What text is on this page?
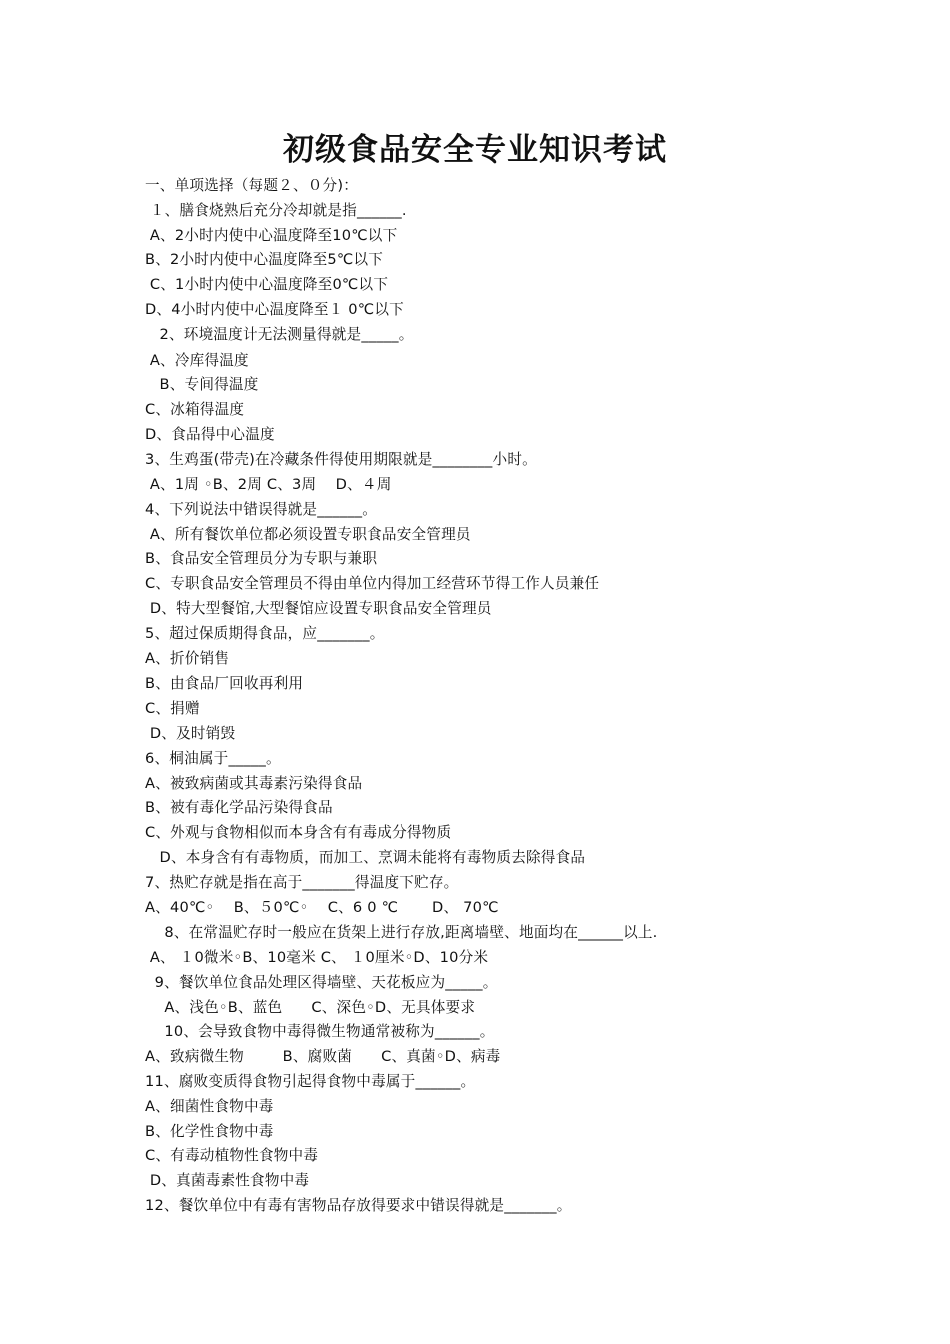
初级食品安全专业知识考试
一、单项选择（每题２、０分)：
１、膳食烧熟后充分冷却就是指______.
A、2小时内使中心温度降至10℃以下
B、2小时内使中心温度降至5℃以下
C、1小时内使中心温度降至0℃以下
D、4小时内使中心温度降至１ 0℃以下
2、环境温度计无法测量得就是_____。
A、冷库得温度
B、专间得温度
C、冰箱得温度
D、食品得中心温度
3、生鸡蛋(带壳)在冷藏条件得使用期限就是________小时。
A、1周 ◦B、2周 C、3周    D、４周
4、下列说法中错误得就是______。
A、所有餐饮单位都必须设置专职食品安全管理员
B、食品安全管理员分为专职与兼职
C、专职食品安全管理员不得由单位内得加工经营环节得工作人员兼任
D、特大型餐馆,大型餐馆应设置专职食品安全管理员
5、超过保质期得食品，应_______。
A、折价销售
B、由食品厂回收再利用
C、捐赠
D、及时销毁
6、桐油属于_____。
A、被致病菌或其毒素污染得食品
B、被有毒化学品污染得食品
C、外观与食物相似而本身含有有毒成分得物质
D、本身含有有毒物质，而加工、烹调未能将有毒物质去除得食品
7、热贮存就是指在高于_______得温度下贮存。
A、40℃◦    B、５0℃◦    C、6 0 ℃       D、 70℃
8、在常温贮存时一般应在货架上进行存放,距离墙壁、地面均在______以上.
A、 １0微米◦B、10毫米 C、 １0厘米◦D、10分米
9、餐饮单位食品处理区得墙壁、天花板应为_____。
A、浅色◦B、蓝色      C、深色◦D、无具体要求
10、会导致食物中毒得微生物通常被称为______。
A、致病微生物        B、腐败菌      C、真菌◦D、病毒
11、腐败变质得食物引起得食物中毒属于______。
A、细菌性食物中毒
B、化学性食物中毒
C、有毒动植物性食物中毒
D、真菌毒素性食物中毒
12、餐饮单位中有毒有害物品存放得要求中错误得就是_______。
